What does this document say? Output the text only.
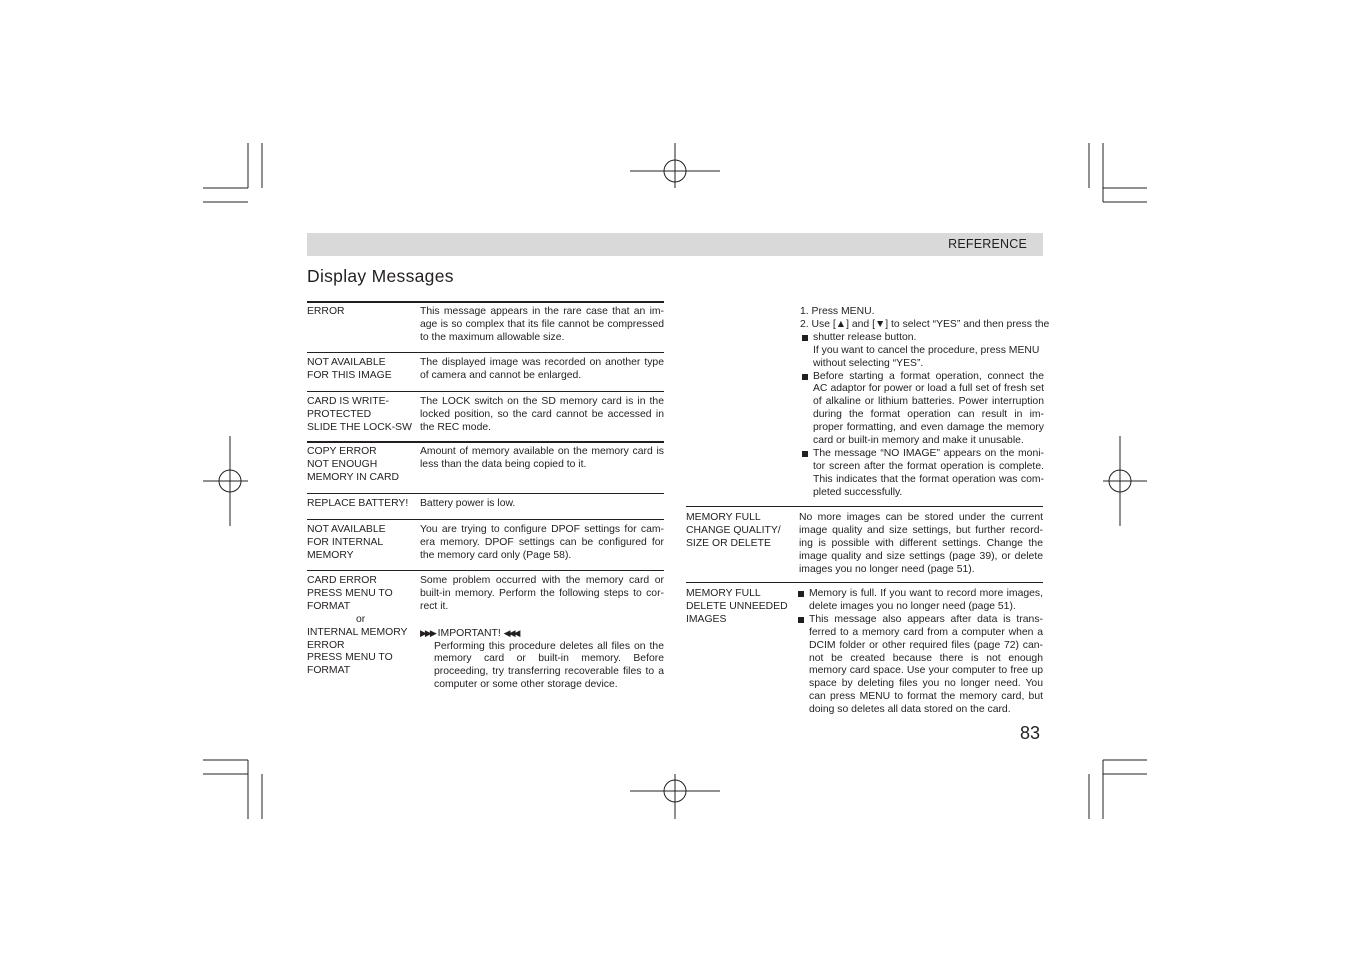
REFERENCE
Display Messages
ERROR	This message appears in the rare case that an im-
age is so complex that its file cannot be compressed
to the maximum allowable size.
NOT AVAILABLE
FOR THIS IMAGE
The displayed image was recorded on another type
of camera and cannot be enlarged.
CARD IS WRITE-
PROTECTED
SLIDE THE LOCK-SW
The LOCK switch on the SD memory card is in the
locked position, so the card cannot be accessed in
the REC mode.
COPY ERROR
NOT ENOUGH
MEMORY IN CARD
Amount of memory available on the memory card is
less than the data being copied to it.
REPLACE BATTERY!	Battery power is low.
NOT AVAILABLE
FOR INTERNAL
MEMORY
You are trying to configure DPOF settings for cam-
era memory. DPOF settings can be configured for
the memory card only (Page 58).
CARD ERROR
PRESS MENU TO
FORMAT
or
INTERNAL MEMORY
ERROR
PRESS MENU TO
FORMAT
Some problem occurred with the memory card or
built-in memory. Perform the following steps to cor-
rect it.

▶▶▶ IMPORTANT! ◀◀◀
Performing this procedure deletes all files on the
memory card or built-in memory. Before
proceeding, try transferring recoverable files to a
computer or some other storage device.
1. Press MENU.
2. Use [▲] and [▼] to select “YES” and then press the
shutter release button.
If you want to cancel the procedure, press MENU
without selecting “YES”.
Before starting a format operation, connect the
AC adaptor for power or load a full set of fresh set
of alkaline or lithium batteries. Power interruption
during the format operation can result in im-
proper formatting, and even damage the memory
card or built-in memory and make it unusable.
The message “NO IMAGE” appears on the moni-
tor screen after the format operation is complete.
This indicates that the format operation was com-
pleted successfully.
MEMORY FULL
CHANGE QUALITY/
SIZE OR DELETE
No more images can be stored under the current
image quality and size settings, but further record-
ing is possible with different settings. Change the
image quality and size settings (page 39), or delete
images you no longer need (page 51).
MEMORY FULL
DELETE UNNEEDED
IMAGES
Memory is full. If you want to record more images,
delete images you no longer need (page 51).
This message also appears after data is trans-
ferred to a memory card from a computer when a
DCIM folder or other required files (page 72) can-
not be created because there is not enough
memory card space. Use your computer to free up
space by deleting files you no longer need. You
can press MENU to format the memory card, but
doing so deletes all data stored on the card.
83
